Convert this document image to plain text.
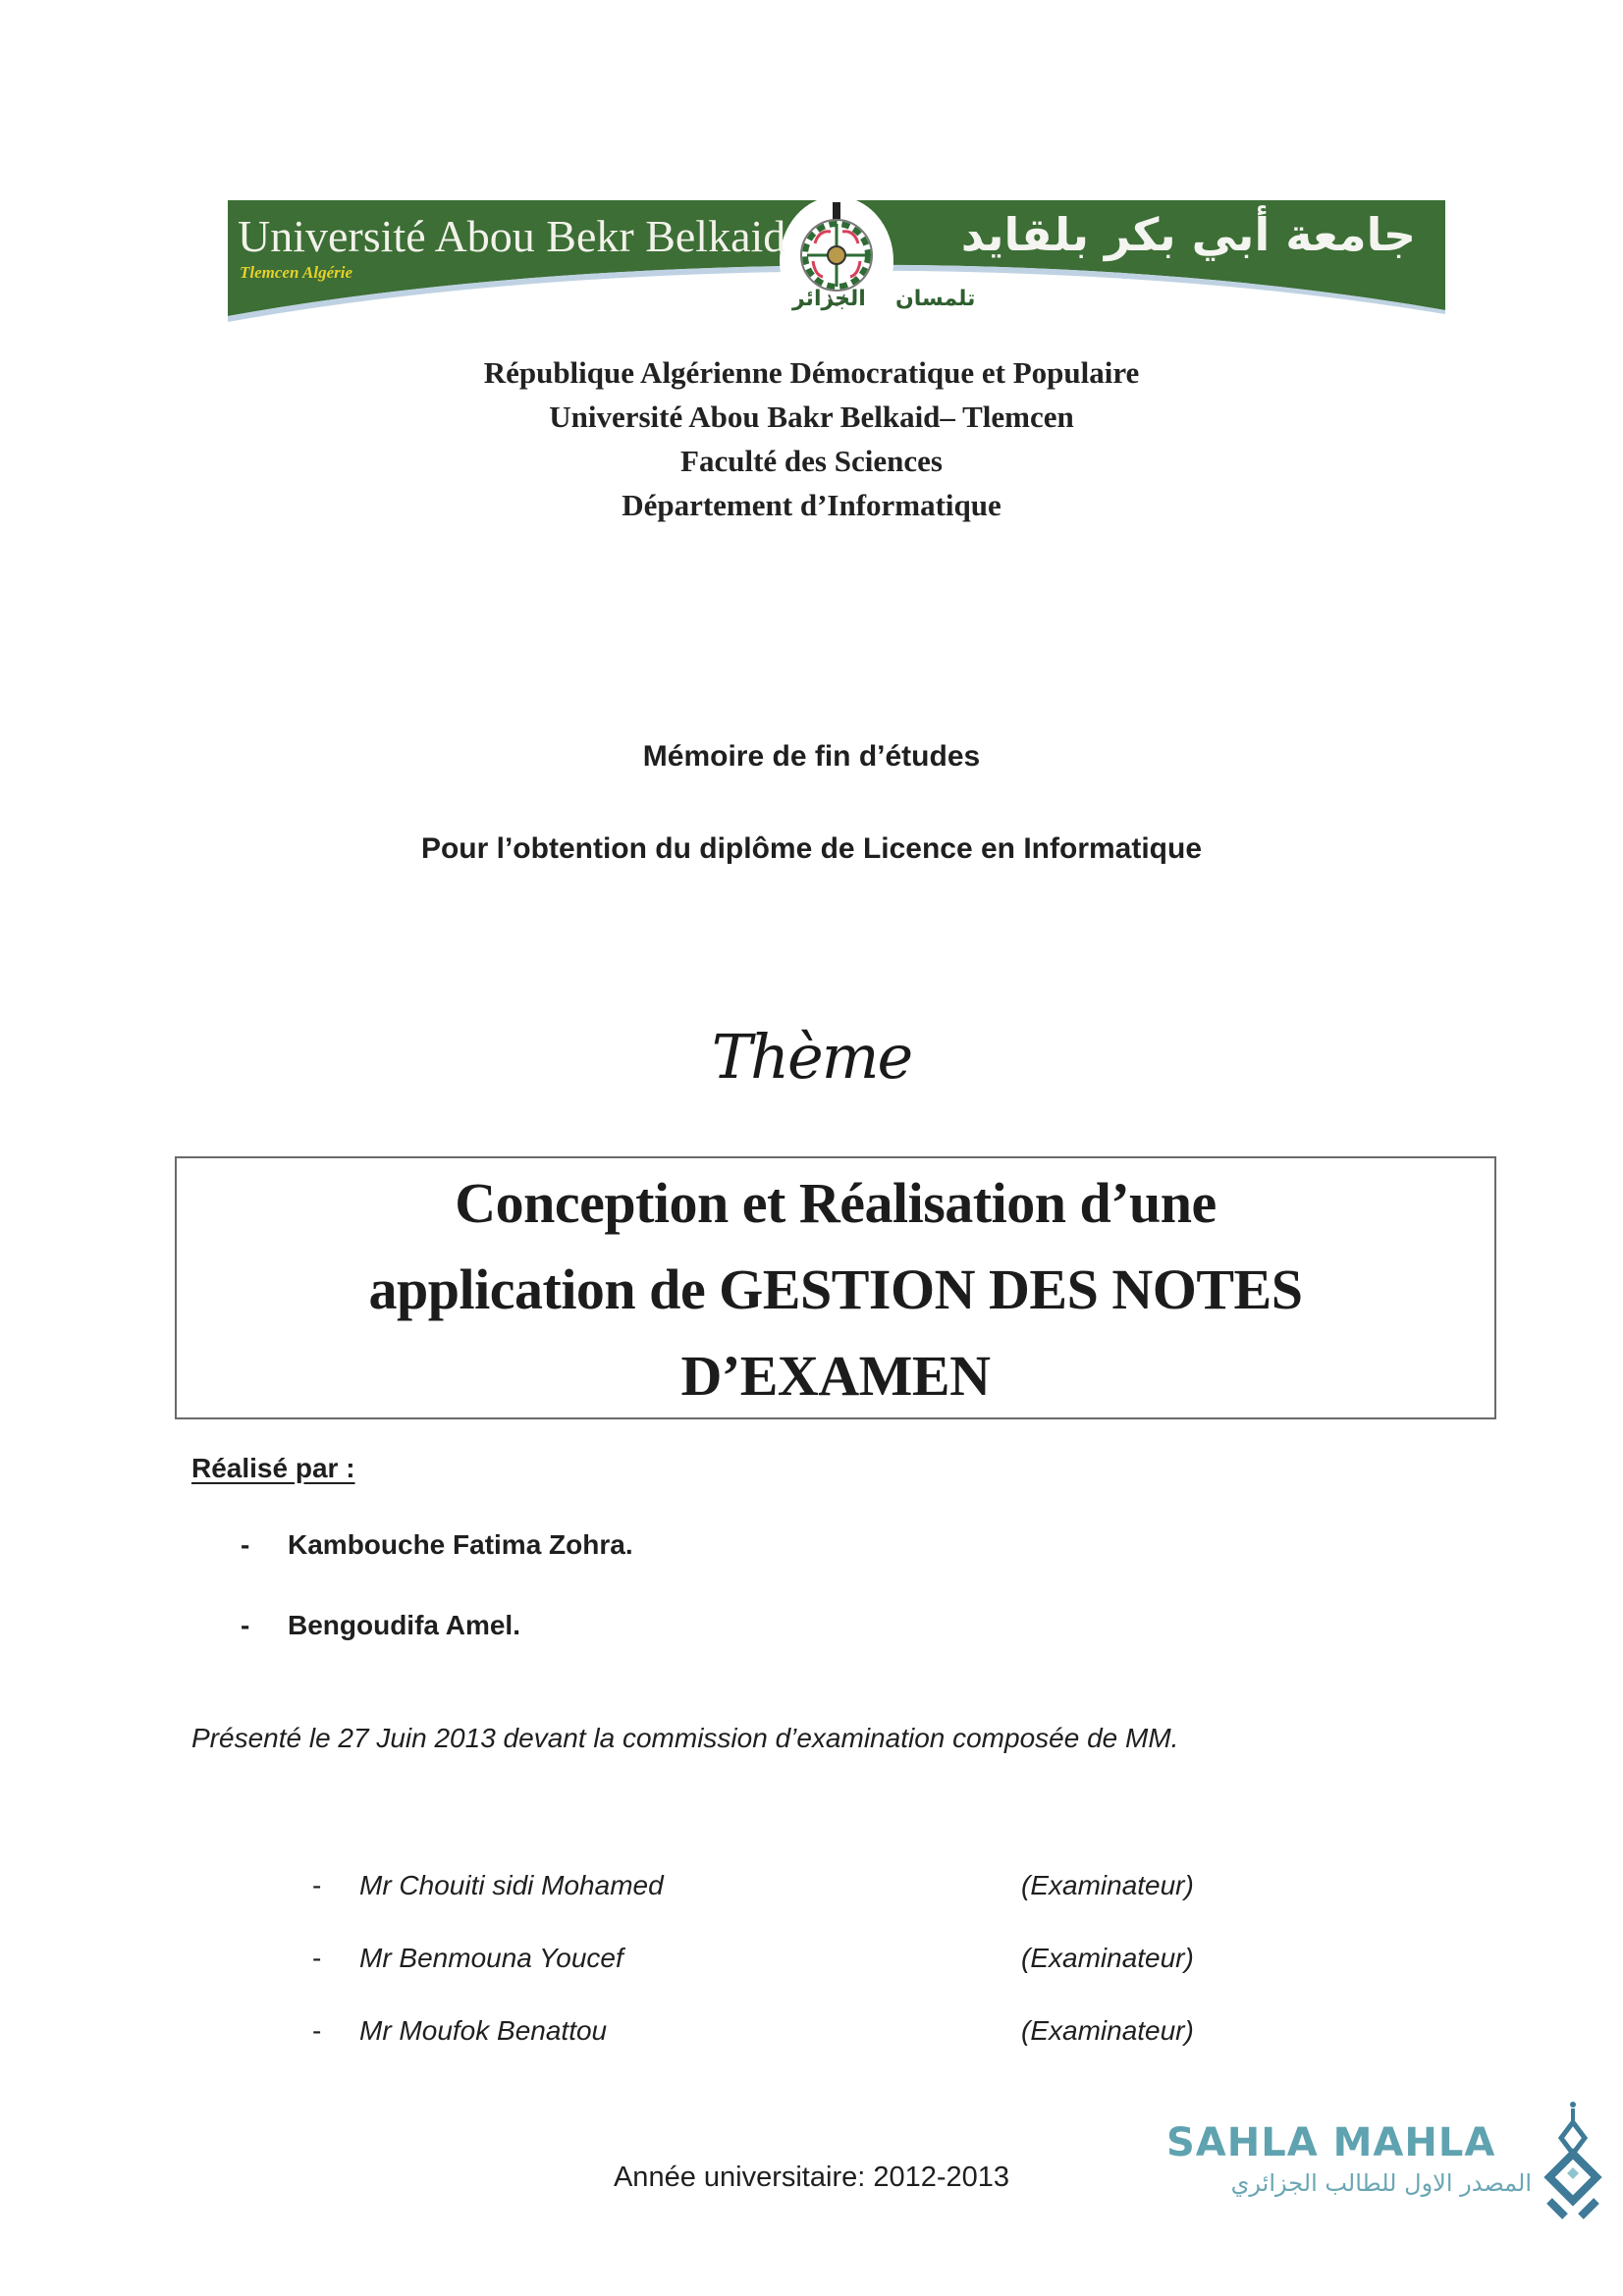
Université Abou Bekr Belkaid
Tlemcen Algérie
جامعة أبي بكر بلقايد
الجزائر تلمسان
République Algérienne Démocratique et Populaire
Université Abou Bakr Belkaid– Tlemcen
Faculté des Sciences
Département d’Informatique
Mémoire de fin d’études
Pour l’obtention du diplôme de Licence en Informatique
Thème
Conception et Réalisation d’une
application de GESTION DES NOTES
D’EXAMEN
Réalisé par :
- Kambouche Fatima Zohra.
- Bengoudifa Amel.
Présenté le 27 Juin 2013 devant la commission d’examination composée de MM.
- Mr Chouiti sidi Mohamed	(Examinateur)
- Mr Benmouna Youcef	(Examinateur)
- Mr Moufok Benattou	(Examinateur)
Année universitaire: 2012-2013
SAHLA MAHLA
المصدر الاول للطالب الجزائري
